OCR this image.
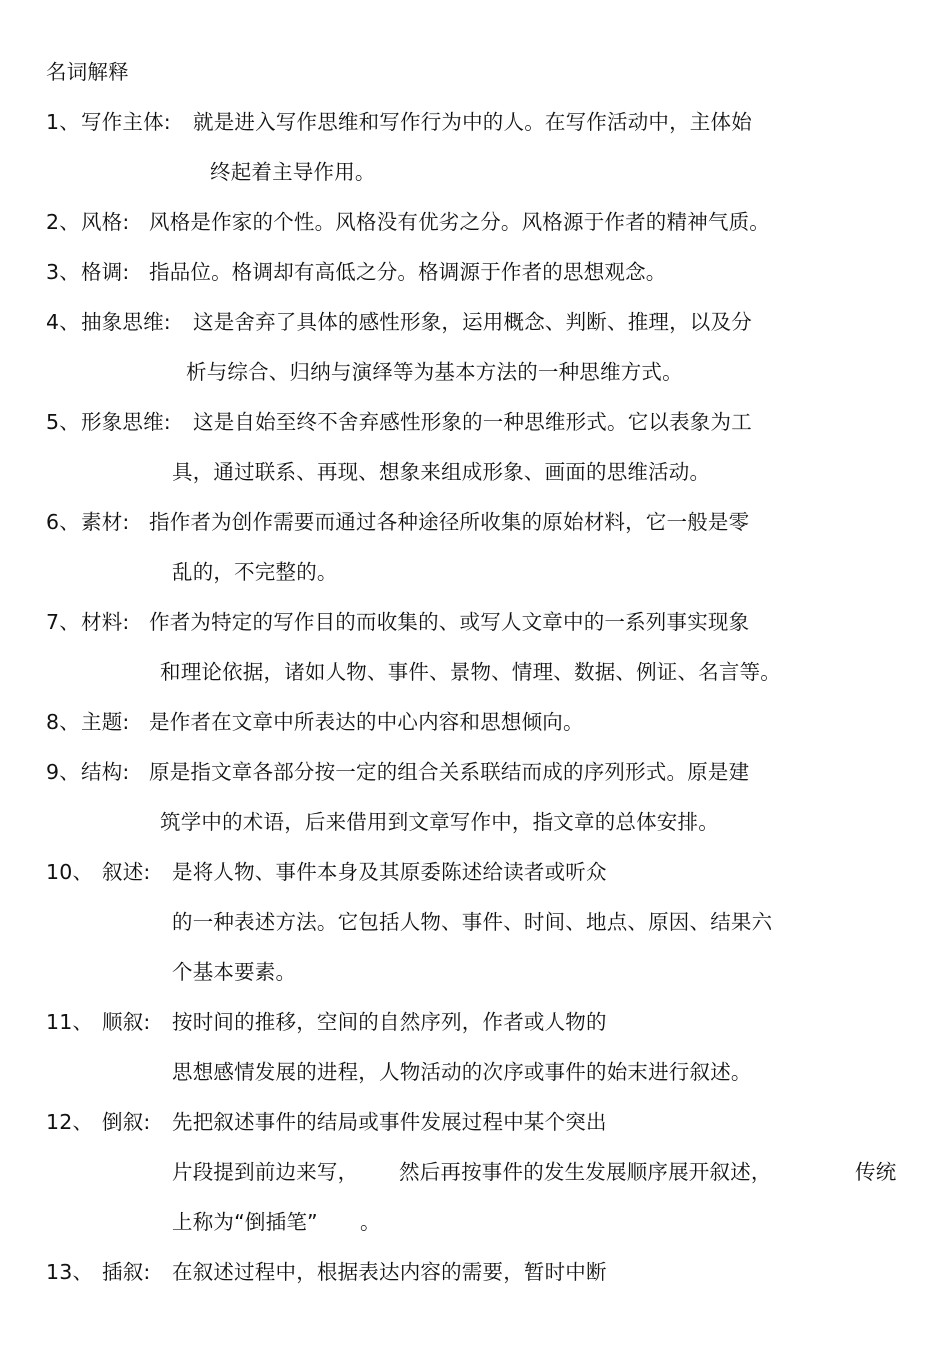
名词解释
1、 写作主体: 就是进入写作思维和写作行为中的人。在写作活动中，主体始
终起着主导作用。
2、 风格: 风格是作家的个性。风格没有优劣之分。风格源于作者的精神气质。
3、 格调: 指品位。格调却有高低之分。格调源于作者的思想观念。
4、 抽象思维: 这是舍弃了具体的感性形象，运用概念、判断、推理，以及分
析与综合、归纳与演绎等为基本方法的一种思维方式。
5、 形象思维: 这是自始至终不舍弃感性形象的一种思维形式。它以表象为工
具，通过联系、再现、想象来组成形象、画面的思维活动。
6、 素材: 指作者为创作需要而通过各种途径所收集的原始材料，它一般是零
乱的，不完整的。
7、 材料: 作者为特定的写作目的而收集的、或写人文章中的一系列事实现象
和理论依据，诸如人物、事件、景物、情理、数据、例证、名言等。
8、 主题: 是作者在文章中所表达的中心内容和思想倾向。
9、 结构: 原是指文章各部分按一定的组合关系联结而成的序列形式。原是建
筑学中的术语，后来借用到文章写作中，指文章的总体安排。
10、 叙述: 是将人物、事件本身及其原委陈述给读者或听众
的一种表述方法。它包括人物、事件、时间、地点、原因、结果六
个基本要素。
11、 顺叙: 按时间的推移，空间的自然序列，作者或人物的
思想感情发展的进程，人物活动的次序或事件的始末进行叙述。
12、 倒叙: 先把叙述事件的结局或事件发展过程中某个突出
片段提到前边来写， 然后再按事件的发生发展顺序展开叙述，	传统
上称为“倒插笔” 。
13、 插叙: 在叙述过程中，根据表达内容的需要，暂时中断
